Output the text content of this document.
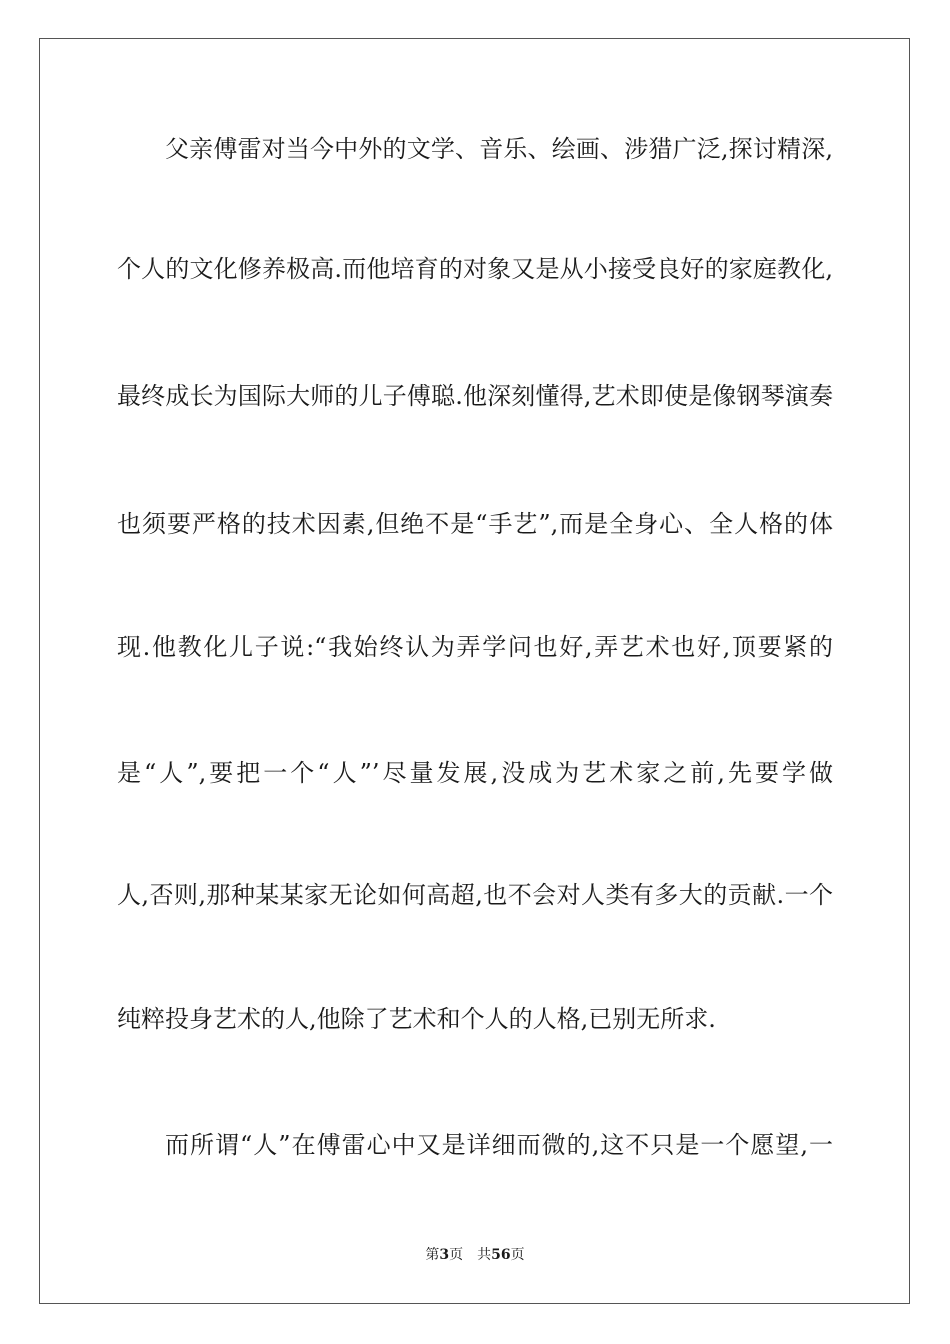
父亲傅雷对当今中外的文学、音乐、绘画、涉猎广泛,探讨精深,
个人的文化修养极高.而他培育的对象又是从小接受良好的家庭教化,
最终成长为国际大师的儿子傅聪.他深刻懂得,艺术即使是像钢琴演奏
也须要严格的技术因素,但绝不是“手艺”,而是全身心、全人格的体
现.他教化儿子说:“我始终认为弄学问也好,弄艺术也好,顶要紧的
是“人”,要把一个“人”’尽量发展,没成为艺术家之前,先要学做
人,否则,那种某某家无论如何高超,也不会对人类有多大的贡献.一个
纯粹投身艺术的人,他除了艺术和个人的人格,已别无所求.
而所谓“人”在傅雷心中又是详细而微的,这不只是一个愿望,一
第3页 共56页
